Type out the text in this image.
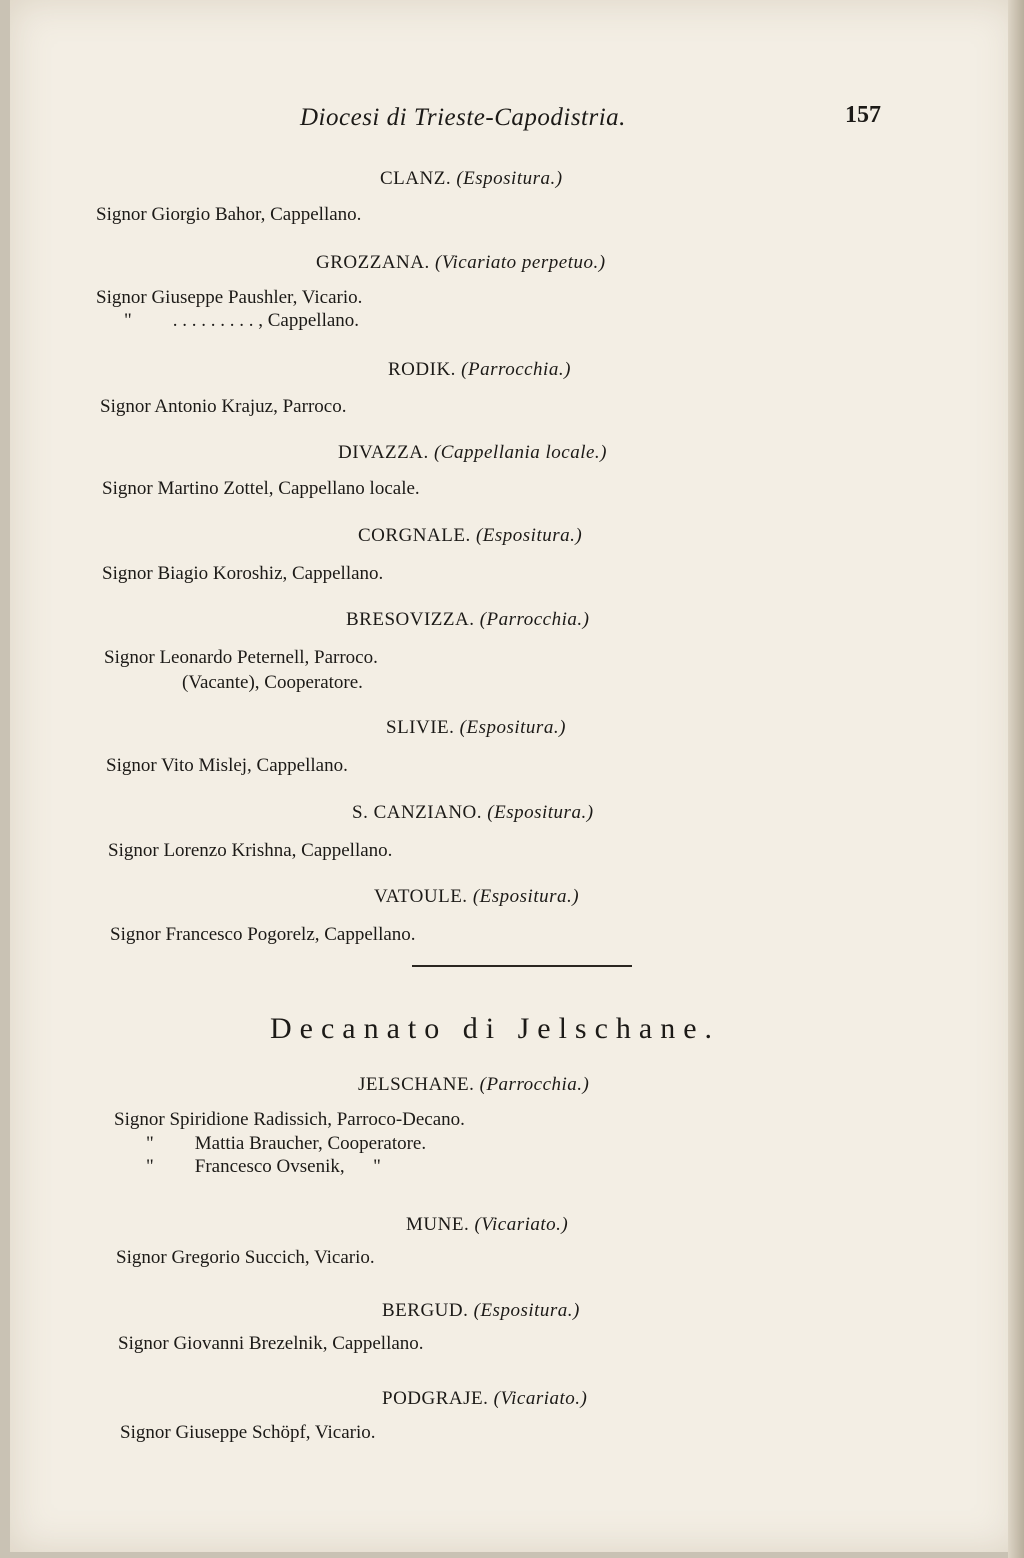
Diocesi di Trieste-Capodistria.	157
CLANZ. (Espositura.)
Signor Giorgio Bahor, Cappellano.
GROZZANA. (Vicariato perpetuo.)
Signor Giuseppe Paushler, Vicario.
" . . . . . . . . . , Cappellano.
RODIK. (Parrocchia.)
Signor Antonio Krajuz, Parroco.
DIVAZZA. (Cappellania locale.)
Signor Martino Zottel, Cappellano locale.
CORGNALE. (Espositura.)
Signor Biagio Koroshiz, Cappellano.
BRESOVIZZA. (Parrocchia.)
Signor Leonardo Peternell, Parroco.
(Vacante), Cooperatore.
SLIVIE. (Espositura.)
Signor Vito Mislej, Cappellano.
S. CANZIANO. (Espositura.)
Signor Lorenzo Krishna, Cappellano.
VATOULE. (Espositura.)
Signor Francesco Pogorelz, Cappellano.
Decanato di Jelschane.
JELSCHANE. (Parrocchia.)
Signor Spiridione Radissich, Parroco-Decano.
" Mattia Braucher, Cooperatore.
" Francesco Ovsenik,      "
MUNE. (Vicariato.)
Signor Gregorio Succich, Vicario.
BERGUD. (Espositura.)
Signor Giovanni Brezelnik, Cappellano.
PODGRAJE. (Vicariato.)
Signor Giuseppe Schöpf, Vicario.
